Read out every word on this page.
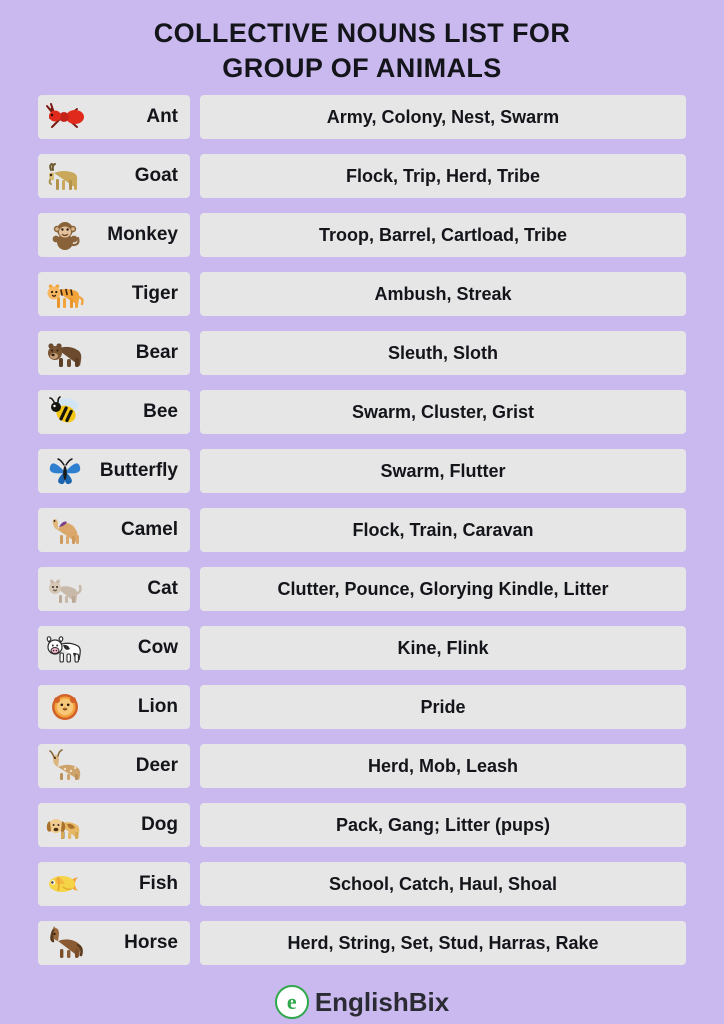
COLLECTIVE NOUNS LIST FOR
GROUP OF ANIMALS
Ant	Army, Colony, Nest, Swarm
Goat	Flock, Trip, Herd, Tribe
Monkey	Troop, Barrel, Cartload, Tribe
Tiger	Ambush, Streak
Bear	Sleuth, Sloth
Bee	Swarm, Cluster, Grist
Butterfly	Swarm, Flutter
Camel	Flock, Train, Caravan
Cat	Clutter, Pounce, Glorying Kindle, Litter
Cow	Kine, Flink
Lion	Pride
Deer	Herd, Mob, Leash
Dog	Pack, Gang; Litter (pups)
Fish	School, Catch, Haul, Shoal
Horse	Herd, String, Set, Stud, Harras, Rake
e EnglishBix
